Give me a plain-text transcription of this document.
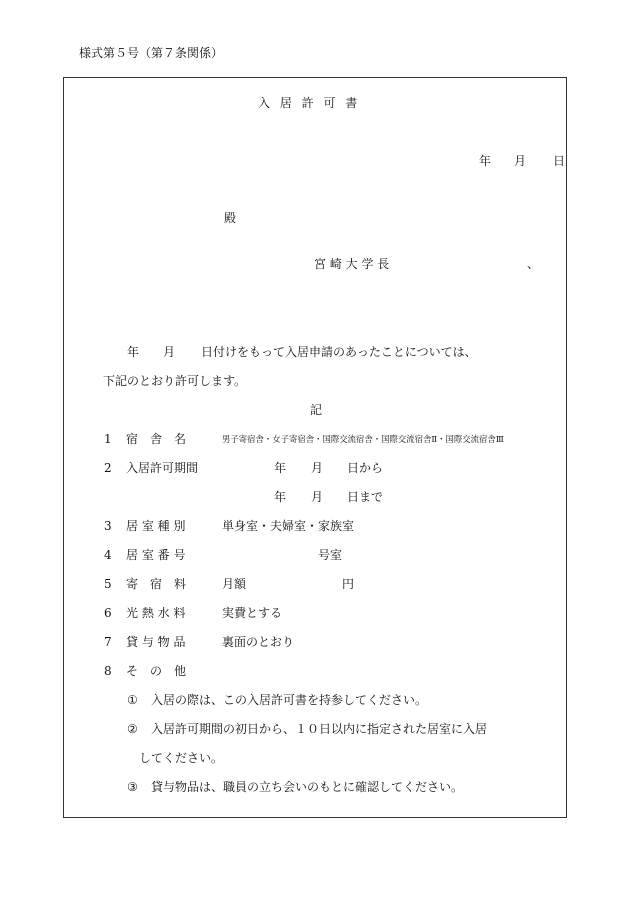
様式第５号（第７条関係）
入 居 許 可 書
年 月 日
殿
宮 崎 大 学 長	、
年 月 日付けをもって入居申請のあったことについては、
下記のとおり許可します。
記
1 宿　舎　名	男子寄宿舎・女子寄宿舎・国際交流宿舎・国際交流宿舎Ⅱ・国際交流宿舎Ⅲ
2 入居許可期間	年 月 日から
年 月 日まで
3 居 室 種 別	単身室・夫婦室・家族室
4 居 室 番 号	号室
5 寄　宿　料	月額	円
6 光 熱 水 料	実費とする
7 貸 与 物 品	裏面のとおり
8 そ　の　他
① 入居の際は、この入居許可書を持参してください。
② 入居許可期間の初日から、１０日以内に指定された居室に入居
してください。
③ 貸与物品は、職員の立ち会いのもとに確認してください。
